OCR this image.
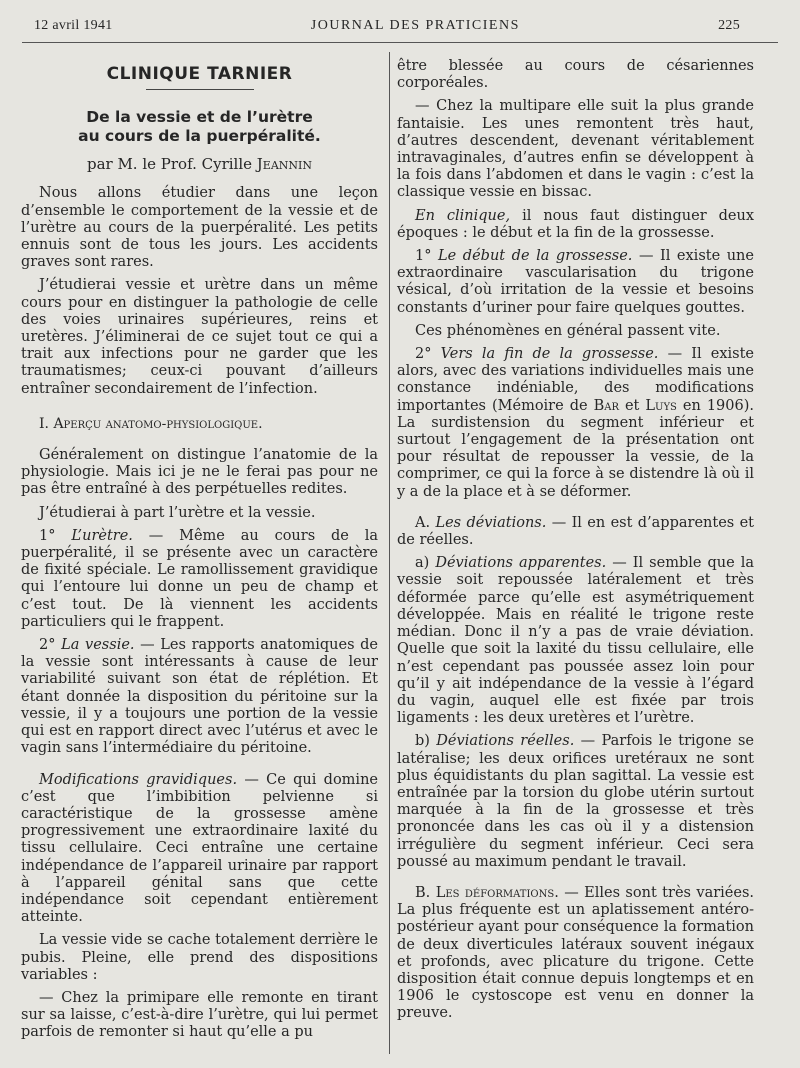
12 avril 1941	JOURNAL DES PRATICIENS	225
CLINIQUE TARNIER
De la vessie et de l’urètre
au cours de la puerpéralité.
par M. le Prof. Cyrille Jeannin

Nous allons étudier dans une leçon d’ensemble le comportement de la vessie et de l’urètre au cours de la puerpéralité. Les petits ennuis sont de tous les jours. Les accidents graves sont rares.

J’étudierai vessie et urètre dans un même cours pour en distinguer la pathologie de celle des voies urinaires supérieures, reins et uretères. J’éliminerai de ce sujet tout ce qui a trait aux infections pour ne garder que les traumatismes; ceux-ci pouvant d’ailleurs entraîner secondairement de l’infection.

I. Aperçu anatomo-physiologique.

Généralement on distingue l’anatomie de la physiologie. Mais ici je ne le ferai pas pour ne pas être entraîné à des perpétuelles redites.

J’étudierai à part l’urètre et la vessie.

1° L’urètre. — Même au cours de la puerpéralité, il se présente avec un caractère de fixité spéciale. Le ramollissement gravidique qui l’entoure lui donne un peu de champ et c’est tout. De là viennent les accidents particuliers qui le frappent.

2° La vessie. — Les rapports anatomiques de la vessie sont intéressants à cause de leur variabilité suivant son état de réplétion. Et étant donnée la disposition du péritoine sur la vessie, il y a toujours une portion de la vessie qui est en rapport direct avec l’utérus et avec le vagin sans l’intermédiaire du péritoine.

Modifications gravidiques. — Ce qui domine c’est que l’imbibition pelvienne si caractéristique de la grossesse amène progressivement une extraordinaire laxité du tissu cellulaire. Ceci entraîne une certaine indépendance de l’appareil urinaire par rapport à l’appareil génital sans que cette indépendance soit cependant entièrement atteinte.

La vessie vide se cache totalement derrière le pubis. Pleine, elle prend des dispositions variables :

— Chez la primipare elle remonte en tirant sur sa laisse, c’est-à-dire l’urètre, qui lui permet parfois de remonter si haut qu’elle a pu

être blessée au cours de césariennes corporéales.

— Chez la multipare elle suit la plus grande fantaisie. Les unes remontent très haut, d’autres descendent, devenant véritablement intravaginales, d’autres enfin se développent à la fois dans l’abdomen et dans le vagin : c’est la classique vessie en bissac.

En clinique, il nous faut distinguer deux époques : le début et la fin de la grossesse.

1° Le début de la grossesse. — Il existe une extraordinaire vascularisation du trigone vésical, d’où irritation de la vessie et besoins constants d’uriner pour faire quelques gouttes.

Ces phénomènes en général passent vite.

2° Vers la fin de la grossesse. — Il existe alors, avec des variations individuelles mais une constance indéniable, des modifications importantes (Mémoire de Bar et Luys en 1906). La surdistension du segment inférieur et surtout l’engagement de la présentation ont pour résultat de repousser la vessie, de la comprimer, ce qui la force à se distendre là où il y a de la place et à se déformer.

A. Les déviations. — Il en est d’apparentes et de réelles.

a) Déviations apparentes. — Il semble que la vessie soit repoussée latéralement et très déformée parce qu’elle est asymétriquement développée. Mais en réalité le trigone reste médian. Donc il n’y a pas de vraie déviation. Quelle que soit la laxité du tissu cellulaire, elle n’est cependant pas poussée assez loin pour qu’il y ait indépendance de la vessie à l’égard du vagin, auquel elle est fixée par trois ligaments : les deux uretères et l’urètre.

b) Déviations réelles. — Parfois le trigone se latéralise; les deux orifices uretéraux ne sont plus équidistants du plan sagittal. La vessie est entraînée par la torsion du globe utérin surtout marquée à la fin de la grossesse et très prononcée dans les cas où il y a distension irrégulière du segment inférieur. Ceci sera poussé au maximum pendant le travail.

B. Les déformations. — Elles sont très variées. La plus fréquente est un aplatissement antéro-postérieur ayant pour conséquence la formation de deux diverticules latéraux souvent inégaux et profonds, avec plicature du trigone. Cette disposition était connue depuis longtemps et en 1906 le cystoscope est venu en donner la preuve.
